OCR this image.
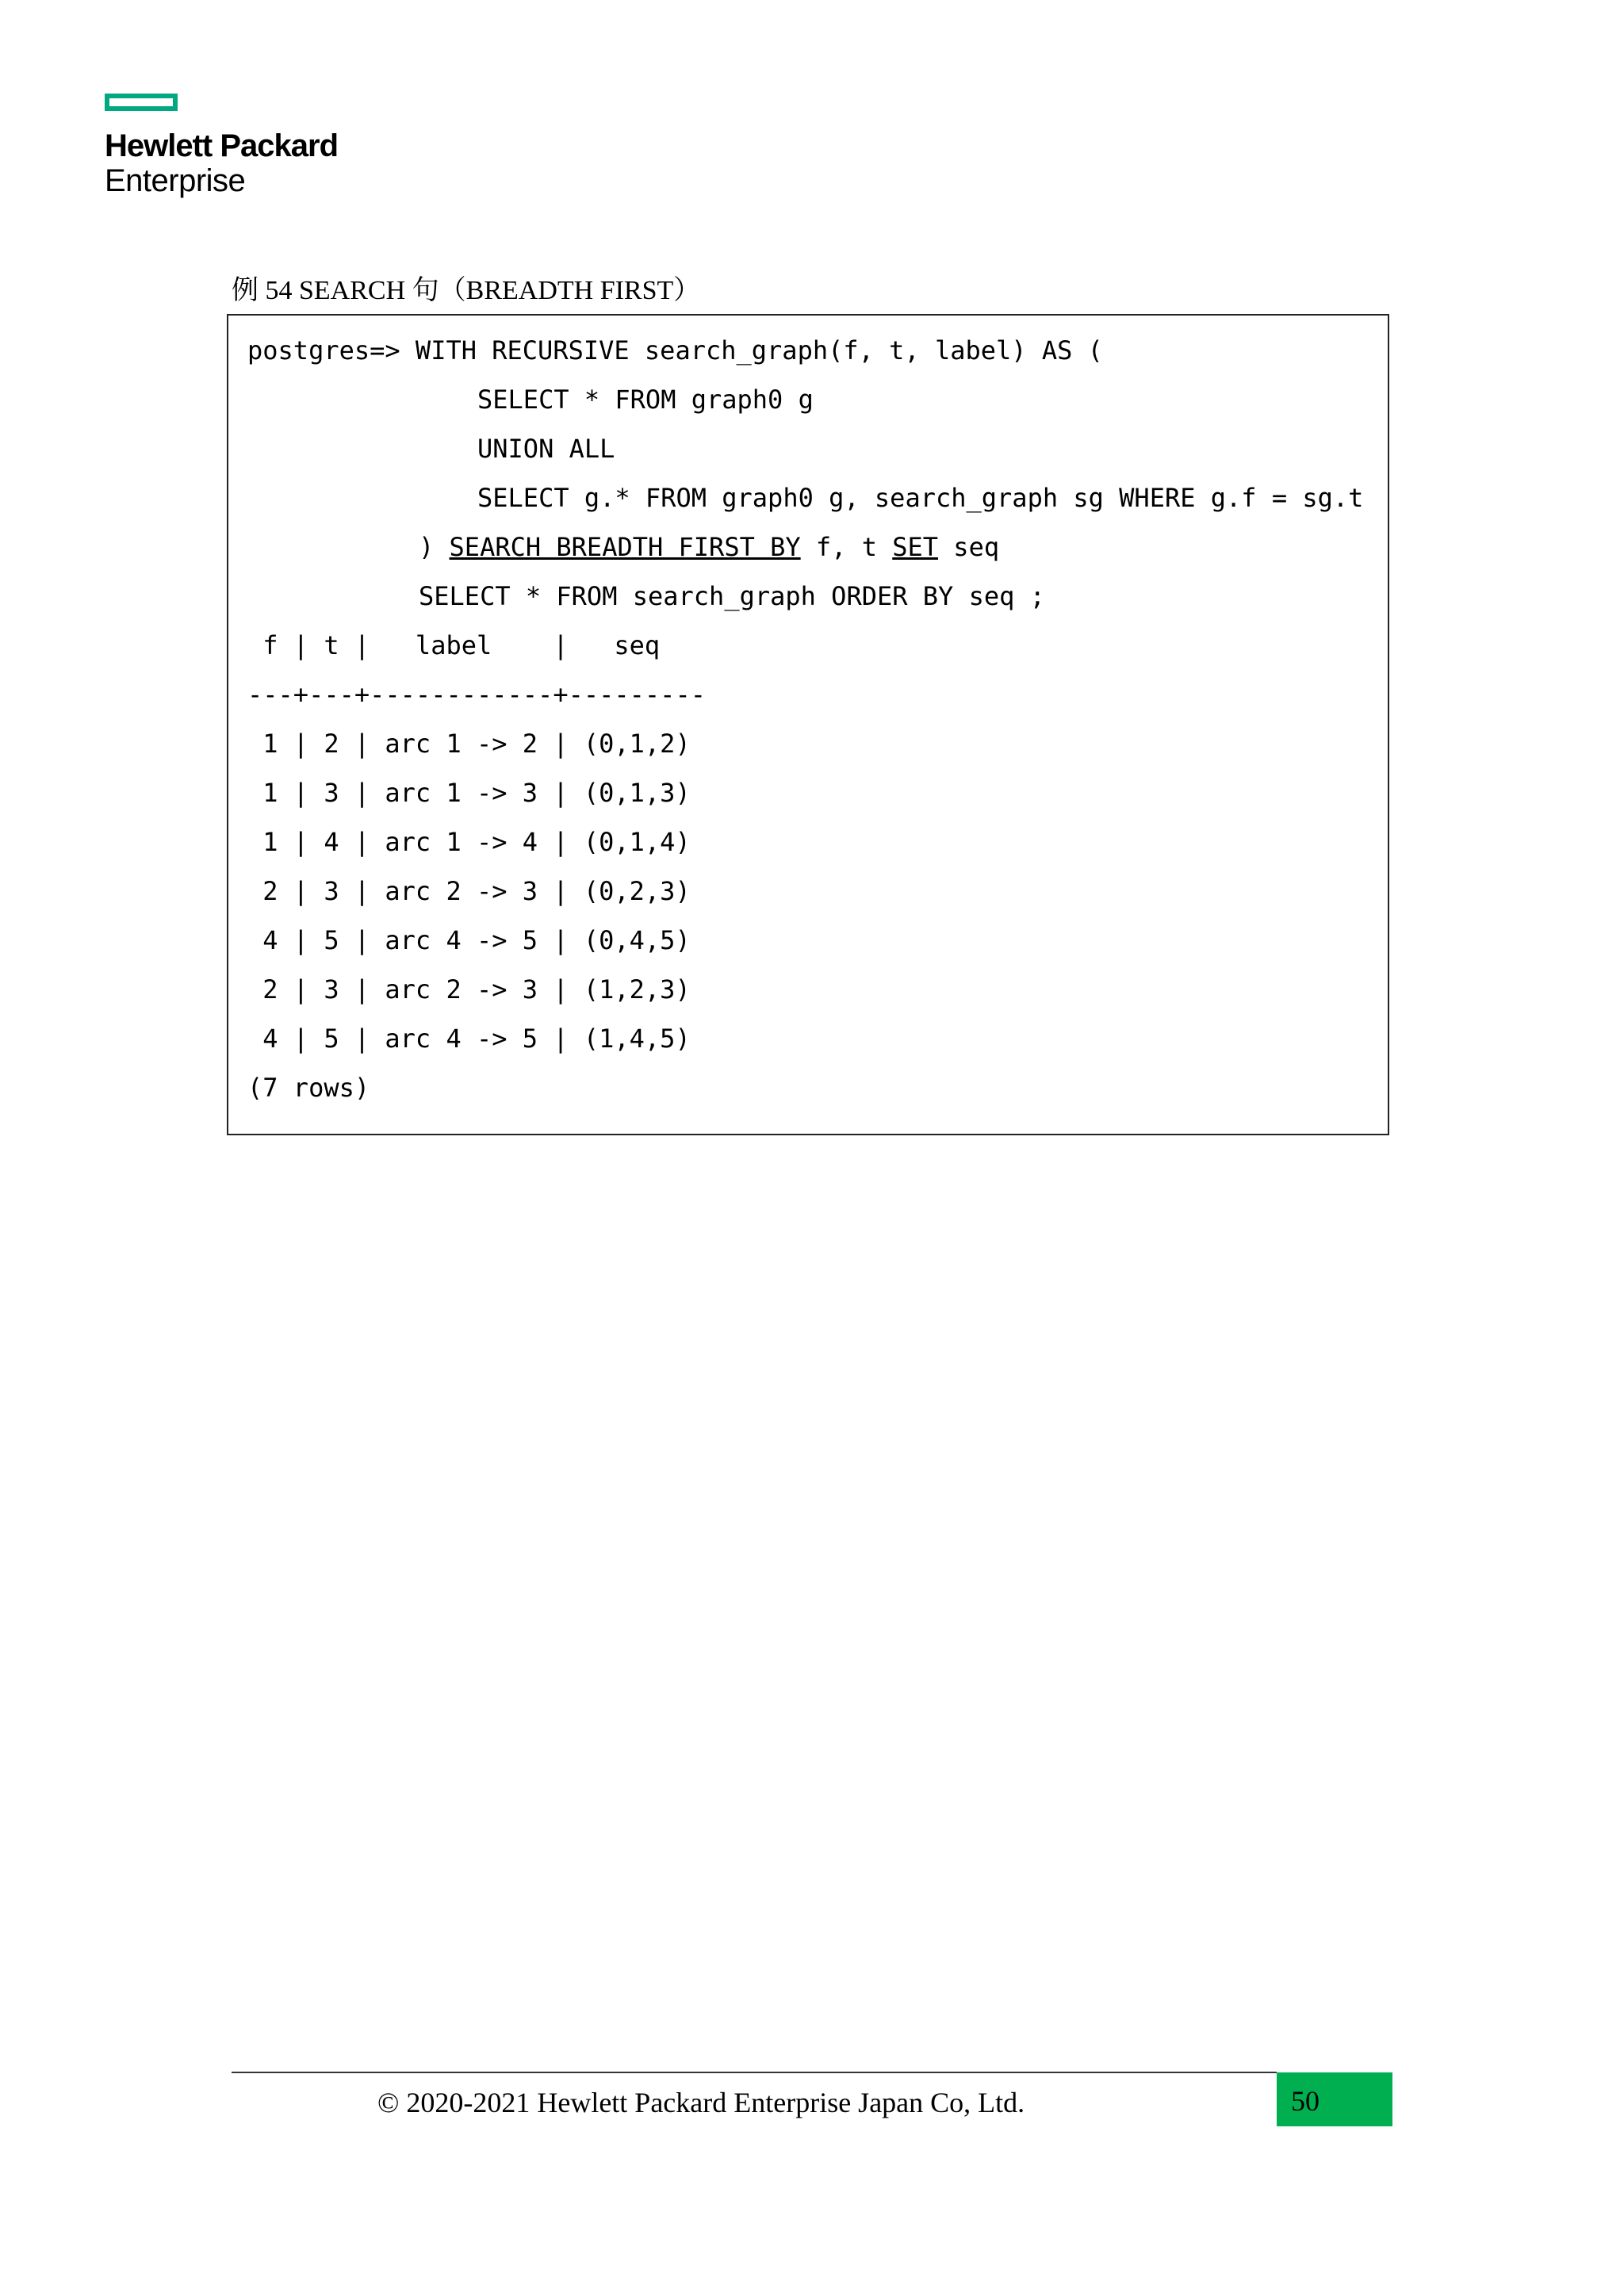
Hewlett Packard
Enterprise
例 54 SEARCH 句（BREADTH FIRST）
postgres=> WITH RECURSIVE search_graph(f, t, label) AS (
SELECT * FROM graph0 g
UNION ALL
SELECT g.* FROM graph0 g, search_graph sg WHERE g.f = sg.t
) SEARCH BREADTH FIRST BY f, t SET seq
SELECT * FROM search_graph ORDER BY seq ;
f | t |   label    |   seq
---+---+------------+---------
1 | 2 | arc 1 -> 2 | (0,1,2)
1 | 3 | arc 1 -> 3 | (0,1,3)
1 | 4 | arc 1 -> 4 | (0,1,4)
2 | 3 | arc 2 -> 3 | (0,2,3)
4 | 5 | arc 4 -> 5 | (0,4,5)
2 | 3 | arc 2 -> 3 | (1,2,3)
4 | 5 | arc 4 -> 5 | (1,4,5)
(7 rows)
© 2020-2021 Hewlett Packard Enterprise Japan Co, Ltd.	50
